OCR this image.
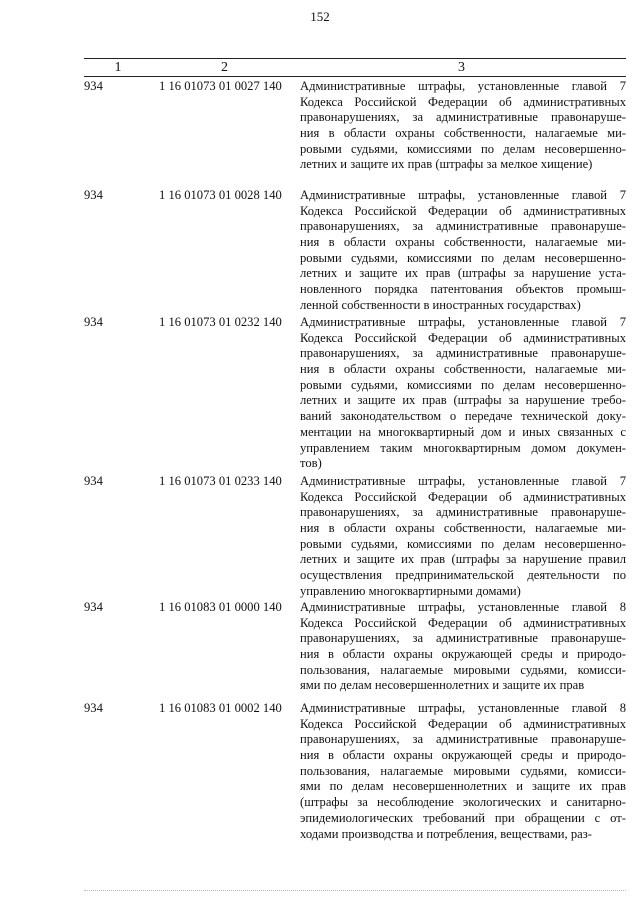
152
1	2	3
934	1 16 01073 01 0027 140	Административные штрафы, установленные главой 7
Кодекса Российской Федерации об административных
правонарушениях, за административные правонаруше-
ния в области охраны собственности, налагаемые ми-
ровыми судьями, комиссиями по делам несовершенно-
летних и защите их прав (штрафы за мелкое хищение)
934	1 16 01073 01 0028 140	Административные штрафы, установленные главой 7
Кодекса Российской Федерации об административных
правонарушениях, за административные правонаруше-
ния в области охраны собственности, налагаемые ми-
ровыми судьями, комиссиями по делам несовершенно-
летних и защите их прав (штрафы за нарушение уста-
новленного порядка патентования объектов промыш-
ленной собственности в иностранных государствах)
934	1 16 01073 01 0232 140	Административные штрафы, установленные главой 7
Кодекса Российской Федерации об административных
правонарушениях, за административные правонаруше-
ния в области охраны собственности, налагаемые ми-
ровыми судьями, комиссиями по делам несовершенно-
летних и защите их прав (штрафы за нарушение требо-
ваний законодательством о передаче технической доку-
ментации на многоквартирный дом и иных связанных с
управлением таким многоквартирным домом докумен-
тов)
934	1 16 01073 01 0233 140	Административные штрафы, установленные главой 7
Кодекса Российской Федерации об административных
правонарушениях, за административные правонаруше-
ния в области охраны собственности, налагаемые ми-
ровыми судьями, комиссиями по делам несовершенно-
летних и защите их прав (штрафы за нарушение правил
осуществления предпринимательской деятельности по
управлению многоквартирными домами)
934	1 16 01083 01 0000 140	Административные штрафы, установленные главой 8
Кодекса Российской Федерации об административных
правонарушениях, за административные правонаруше-
ния в области охраны окружающей среды и природо-
пользования, налагаемые мировыми судьями, комисси-
ями по делам несовершеннолетних и защите их прав
934	1 16 01083 01 0002 140	Административные штрафы, установленные главой 8
Кодекса Российской Федерации об административных
правонарушениях, за административные правонаруше-
ния в области охраны окружающей среды и природо-
пользования, налагаемые мировыми судьями, комисси-
ями по делам несовершеннолетних и защите их прав
(штрафы за несоблюдение экологических и санитарно-
эпидемиологических требований при обращении с от-
ходами производства и потребления, веществами, раз-
